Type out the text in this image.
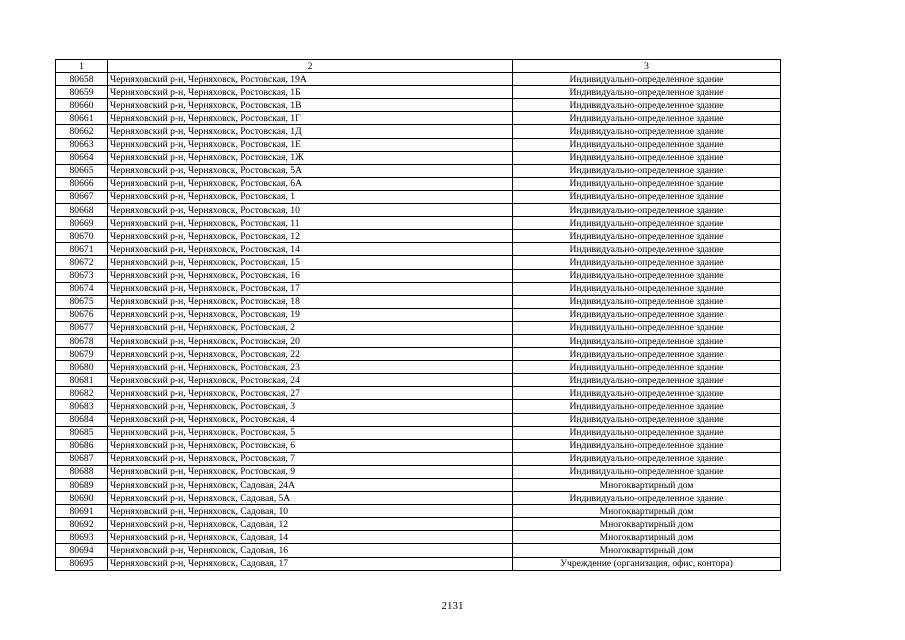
1	2	3
80658	Черняховский р-н, Черняховск, Ростовская, 19А	Индивидуально-определенное здание
80659	Черняховский р-н, Черняховск, Ростовская, 1Б	Индивидуально-определенное здание
80660	Черняховский р-н, Черняховск, Ростовская, 1В	Индивидуально-определенное здание
80661	Черняховский р-н, Черняховск, Ростовская, 1Г	Индивидуально-определенное здание
80662	Черняховский р-н, Черняховск, Ростовская, 1Д	Индивидуально-определенное здание
80663	Черняховский р-н, Черняховск, Ростовская, 1Е	Индивидуально-определенное здание
80664	Черняховский р-н, Черняховск, Ростовская, 1Ж	Индивидуально-определенное здание
80665	Черняховский р-н, Черняховск, Ростовская, 5А	Индивидуально-определенное здание
80666	Черняховский р-н, Черняховск, Ростовская, 6А	Индивидуально-определенное здание
80667	Черняховский р-н, Черняховск, Ростовская, 1	Индивидуально-определенное здание
80668	Черняховский р-н, Черняховск, Ростовская, 10	Индивидуально-определенное здание
80669	Черняховский р-н, Черняховск, Ростовская, 11	Индивидуально-определенное здание
80670	Черняховский р-н, Черняховск, Ростовская, 12	Индивидуально-определенное здание
80671	Черняховский р-н, Черняховск, Ростовская, 14	Индивидуально-определенное здание
80672	Черняховский р-н, Черняховск, Ростовская, 15	Индивидуально-определенное здание
80673	Черняховский р-н, Черняховск, Ростовская, 16	Индивидуально-определенное здание
80674	Черняховский р-н, Черняховск, Ростовская, 17	Индивидуально-определенное здание
80675	Черняховский р-н, Черняховск, Ростовская, 18	Индивидуально-определенное здание
80676	Черняховский р-н, Черняховск, Ростовская, 19	Индивидуально-определенное здание
80677	Черняховский р-н, Черняховск, Ростовская, 2	Индивидуально-определенное здание
80678	Черняховский р-н, Черняховск, Ростовская, 20	Индивидуально-определенное здание
80679	Черняховский р-н, Черняховск, Ростовская, 22	Индивидуально-определенное здание
80680	Черняховский р-н, Черняховск, Ростовская, 23	Индивидуально-определенное здание
80681	Черняховский р-н, Черняховск, Ростовская, 24	Индивидуально-определенное здание
80682	Черняховский р-н, Черняховск, Ростовская, 27	Индивидуально-определенное здание
80683	Черняховский р-н, Черняховск, Ростовская, 3	Индивидуально-определенное здание
80684	Черняховский р-н, Черняховск, Ростовская, 4	Индивидуально-определенное здание
80685	Черняховский р-н, Черняховск, Ростовская, 5	Индивидуально-определенное здание
80686	Черняховский р-н, Черняховск, Ростовская, 6	Индивидуально-определенное здание
80687	Черняховский р-н, Черняховск, Ростовская, 7	Индивидуально-определенное здание
80688	Черняховский р-н, Черняховск, Ростовская, 9	Индивидуально-определенное здание
80689	Черняховский р-н, Черняховск, Садовая, 24А	Многоквартирный дом
80690	Черняховский р-н, Черняховск, Садовая, 5А	Индивидуально-определенное здание
80691	Черняховский р-н, Черняховск, Садовая, 10	Многоквартирный дом
80692	Черняховский р-н, Черняховск, Садовая, 12	Многоквартирный дом
80693	Черняховский р-н, Черняховск, Садовая, 14	Многоквартирный дом
80694	Черняховский р-н, Черняховск, Садовая, 16	Многоквартирный дом
80695	Черняховский р-н, Черняховск, Садовая, 17	Учреждение (организация, офис, контора)
2131
